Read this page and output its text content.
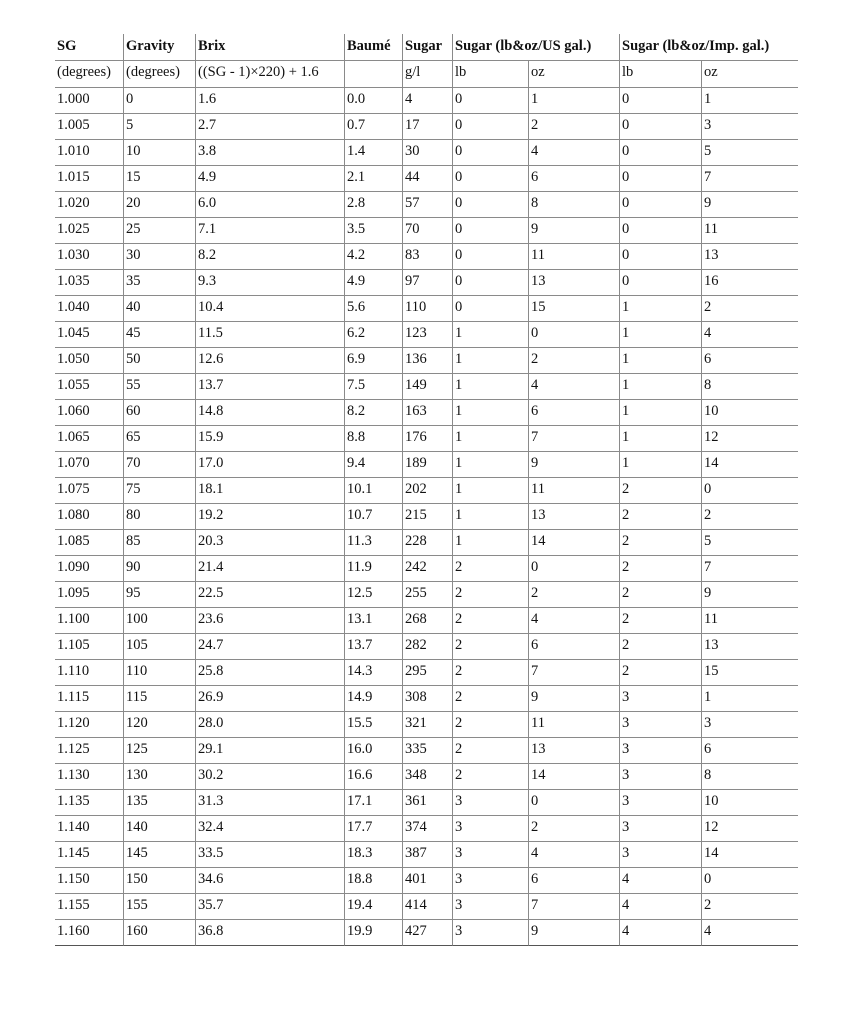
SG	Gravity	Brix	Baumé	Sugar	Sugar (lb&oz/US gal.)		Sugar (lb&oz/Imp. gal.)	
(degrees)	(degrees)	((SG - 1)×220) + 1.6		g/l	lb	oz	lb	oz
1.000	0	1.6	0.0	4	0	1	0	1
1.005	5	2.7	0.7	17	0	2	0	3
1.010	10	3.8	1.4	30	0	4	0	5
1.015	15	4.9	2.1	44	0	6	0	7
1.020	20	6.0	2.8	57	0	8	0	9
1.025	25	7.1	3.5	70	0	9	0	11
1.030	30	8.2	4.2	83	0	11	0	13
1.035	35	9.3	4.9	97	0	13	0	16
1.040	40	10.4	5.6	110	0	15	1	2
1.045	45	11.5	6.2	123	1	0	1	4
1.050	50	12.6	6.9	136	1	2	1	6
1.055	55	13.7	7.5	149	1	4	1	8
1.060	60	14.8	8.2	163	1	6	1	10
1.065	65	15.9	8.8	176	1	7	1	12
1.070	70	17.0	9.4	189	1	9	1	14
1.075	75	18.1	10.1	202	1	11	2	0
1.080	80	19.2	10.7	215	1	13	2	2
1.085	85	20.3	11.3	228	1	14	2	5
1.090	90	21.4	11.9	242	2	0	2	7
1.095	95	22.5	12.5	255	2	2	2	9
1.100	100	23.6	13.1	268	2	4	2	11
1.105	105	24.7	13.7	282	2	6	2	13
1.110	110	25.8	14.3	295	2	7	2	15
1.115	115	26.9	14.9	308	2	9	3	1
1.120	120	28.0	15.5	321	2	11	3	3
1.125	125	29.1	16.0	335	2	13	3	6
1.130	130	30.2	16.6	348	2	14	3	8
1.135	135	31.3	17.1	361	3	0	3	10
1.140	140	32.4	17.7	374	3	2	3	12
1.145	145	33.5	18.3	387	3	4	3	14
1.150	150	34.6	18.8	401	3	6	4	0
1.155	155	35.7	19.4	414	3	7	4	2
1.160	160	36.8	19.9	427	3	9	4	4
